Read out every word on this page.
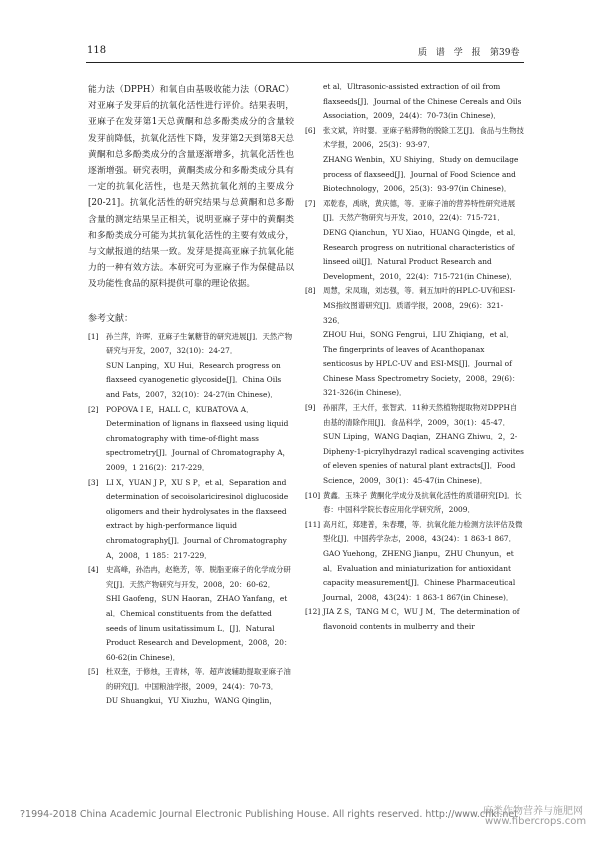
118	质 谱 学 报 第39卷

能力法（DPPH）和氧自由基吸收能力法（ORAC）对亚麻子发芽后的抗氧化活性进行评价。结果表明，亚麻子在发芽第1天总黄酮和总多酚类成分的含量较发芽前降低，抗氧化活性下降，发芽第2天到第8天总黄酮和总多酚类成分的含量逐渐增多，抗氧化活性也逐渐增强。研究表明，黄酮类成分和多酚类成分具有一定的抗氧化活性，也是天然抗氧化剂的主要成分[20-21]。抗氧化活性的研究结果与总黄酮和总多酚含量的测定结果呈正相关，说明亚麻子芽中的黄酮类和多酚类成分可能为其抗氧化活性的主要有效成分，与文献报道的结果一致。发芽是提高亚麻子抗氧化能力的一种有效方法。本研究可为亚麻子作为保健品以及功能性食品的原料提供可靠的理论依据。

参考文献：
[1]	孙兰萍，许晖．亚麻子生氰糖苷的研究进展[J]．天然产物研究与开发，2007，32(10)：24-27．
SUN Lanping，XU Hui．Research progress on flaxseed cyanogenetic glycoside[J]．China Oils and Fats，2007，32(10)：24-27(in Chinese)．
[2]	POPOVA I E，HALL C，KUBATOVA A．Determination of lignans in flaxseed using liquid chromatography with time-of-flight mass spectrometry[J]．Journal of Chromatography A，2009，1 216(2)：217-229．
[3]	LI X，YUAN J P，XU S P，et al．Separation and determination of secoisolariciresinol diglucoside oligomers and their hydrolysates in the flaxseed extract by high-performance liquid chromatography[J]．Journal of Chromatography A，2008，1 185：217-229．
[4]	史高峰，孙浩冉，赵艳芳，等．脱脂亚麻子的化学成分研究[J]．天然产物研究与开发，2008，20：60-62．
SHI Gaofeng，SUN Haoran，ZHAO Yanfang，et al．Chemical constituents from the defatted seeds of linum usitatissimum L．[J]．Natural Product Research and Development，2008，20：60-62(in Chinese)．
[5]	杜双奎，于修烛，王青林，等．超声波辅助提取亚麻子油的研究[J]．中国粮油学报，2009，24(4)：70-73．
DU Shuangkui，YU Xiuzhu，WANG Qinglin，
et al．Ultrasonic-assisted extraction of oil from flaxseeds[J]．Journal of the Chinese Cereals and Oils Association，2009，24(4)：70-73(in Chinese)．
[6]	张文斌，许时婴．亚麻子粘滞物的脱除工艺[J]．食品与生物技术学报，2006，25(3)：93-97．
ZHANG Wenbin，XU Shiying．Study on demucilage process of flaxseed[J]．Journal of Food Science and Biotechnology，2006，25(3)：93-97(in Chinese)．
[7]	邓乾春，禹晓，黄庆德，等．亚麻子油的营养特性研究进展[J]．天然产物研究与开发，2010，22(4)：715-721．
DENG Qianchun，YU Xiao，HUANG Qingde，et al．Research progress on nutritional characteristics of linseed oil[J]．Natural Product Research and Development，2010，22(4)：715-721(in Chinese)．
[8]	周慧，宋凤瑞，刘志强，等．刺五加叶的HPLC-UV和ESI-MS指纹图谱研究[J]．质谱学报，2008，29(6)：321-326．
ZHOU Hui，SONG Fengrui，LIU Zhiqiang，et al．The fingerprints of leaves of Acanthopanax senticosus by HPLC-UV and ESI-MS[J]．Journal of Chinese Mass Spectrometry Society，2008，29(6)：321-326(in Chinese)．
[9]	孙丽萍，王大仟，张智武．11种天然植物提取物对DPPH自由基的清除作用[J]．食品科学，2009，30(1)：45-47．
SUN Liping，WANG Daqian，ZHANG Zhiwu．2，2-Dipheny-1-picrylhydrazyl radical scavenging activites of eleven spenies of natural plant extracts[J]．Food Science，2009，30(1)：45-47(in Chinese)．
[10] 黄鑫．玉珠子 黄酮化学成分及抗氧化活性的质谱研究[D]．长春：中国科学院长春应用化学研究所，2009．
[11] 高月红，郑建普，朱春璎，等．抗氧化能力检测方法评估及微型化[J]．中国药学杂志，2008，43(24)：1 863-1 867．
GAO Yuehong，ZHENG Jianpu，ZHU Chunyun，et al．Evaluation and miniaturization for antioxidant capacity measurement[J]．Chinese Pharmaceutical Journal，2008，43(24)：1 863-1 867(in Chinese)．
[12] JIA Z S，TANG M C，WU J M．The determination of flavonoid contents in mulberry and their
?1994-2018 China Academic Journal Electronic Publishing House. All rights reserved. http://www.cnki.net
麻类作物营养与施肥网
www.fibercrops.com
